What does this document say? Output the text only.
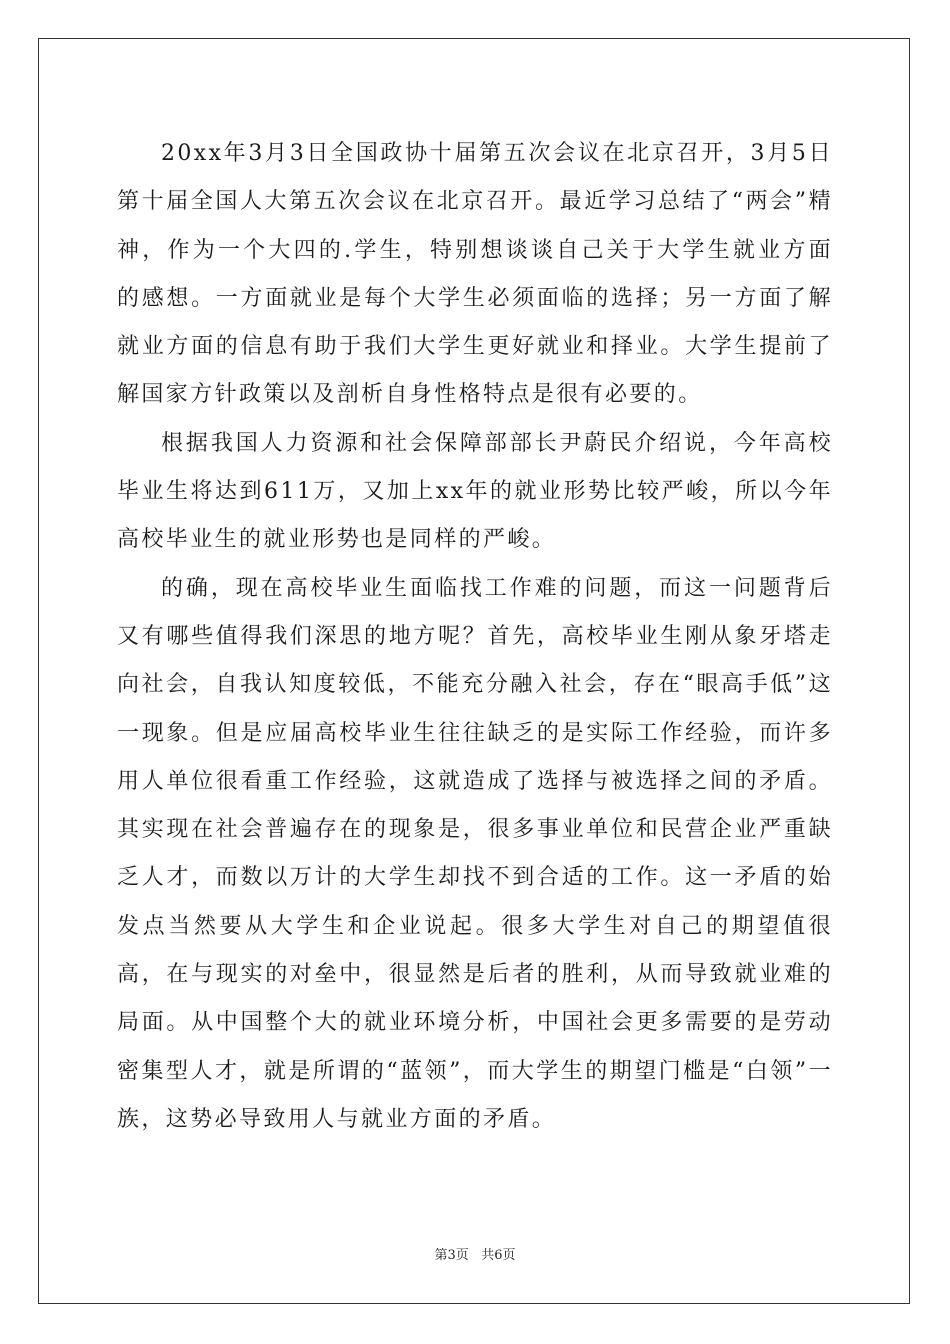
20xx年3月3日全国政协十届第五次会议在北京召开，3月5日第十届全国人大第五次会议在北京召开。最近学习总结了“两会”精神，作为一个大四的.学生，特别想谈谈自己关于大学生就业方面的感想。一方面就业是每个大学生必须面临的选择；另一方面了解就业方面的信息有助于我们大学生更好就业和择业。大学生提前了解国家方针政策以及剖析自身性格特点是很有必要的。

根据我国人力资源和社会保障部部长尹蔚民介绍说，今年高校毕业生将达到611万，又加上xx年的就业形势比较严峻，所以今年高校毕业生的就业形势也是同样的严峻。

的确，现在高校毕业生面临找工作难的问题，而这一问题背后又有哪些值得我们深思的地方呢？首先，高校毕业生刚从象牙塔走向社会，自我认知度较低，不能充分融入社会，存在“眼高手低”这一现象。但是应届高校毕业生往往缺乏的是实际工作经验，而许多用人单位很看重工作经验，这就造成了选择与被选择之间的矛盾。其实现在社会普遍存在的现象是，很多事业单位和民营企业严重缺乏人才，而数以万计的大学生却找不到合适的工作。这一矛盾的始发点当然要从大学生和企业说起。很多大学生对自己的期望值很高，在与现实的对垒中，很显然是后者的胜利，从而导致就业难的局面。从中国整个大的就业环境分析，中国社会更多需要的是劳动密集型人才，就是所谓的“蓝领”，而大学生的期望门槛是“白领”一族，这势必导致用人与就业方面的矛盾。

第3页 共6页
